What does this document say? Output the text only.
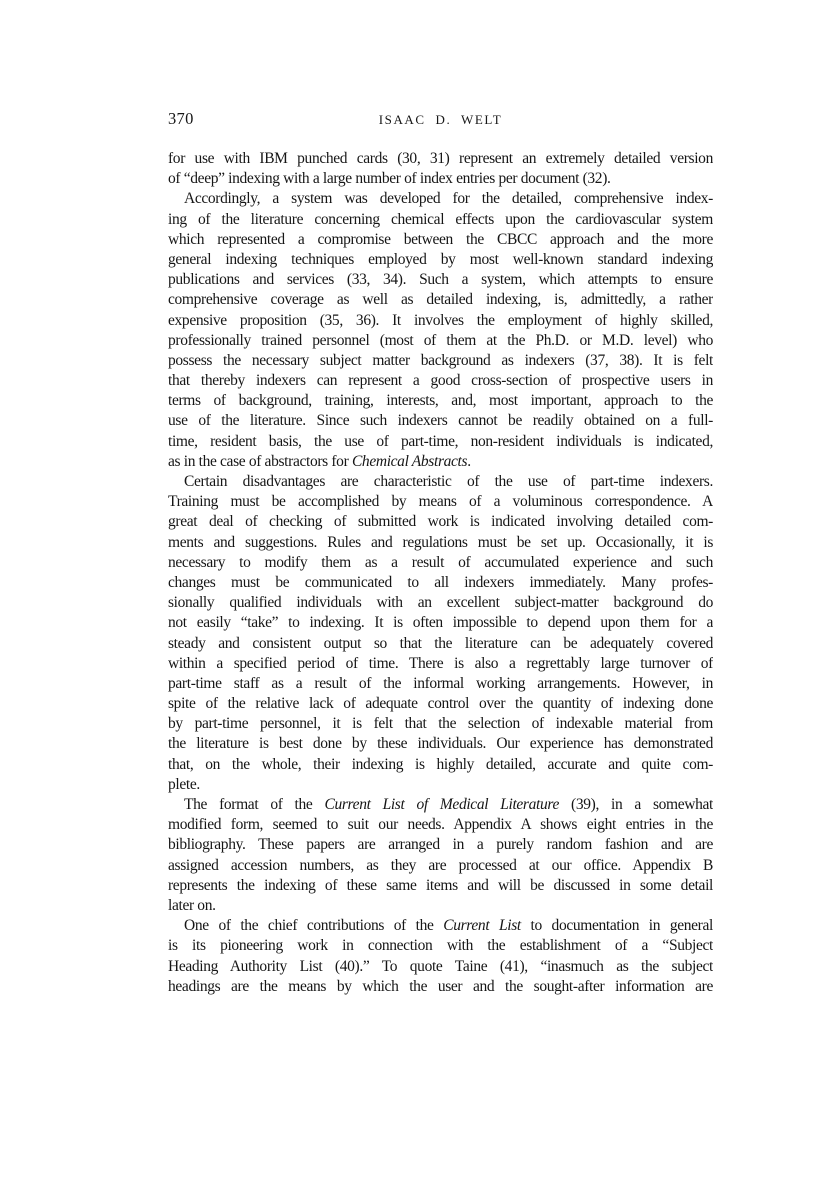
370	ISAAC D. WELT
for use with IBM punched cards (30, 31) represent an extremely detailed version
of “deep” indexing with a large number of index entries per document (32).
Accordingly, a system was developed for the detailed, comprehensive index-
ing of the literature concerning chemical effects upon the cardiovascular system
which represented a compromise between the CBCC approach and the more
general indexing techniques employed by most well-known standard indexing
publications and services (33, 34). Such a system, which attempts to ensure
comprehensive coverage as well as detailed indexing, is, admittedly, a rather
expensive proposition (35, 36). It involves the employment of highly skilled,
professionally trained personnel (most of them at the Ph.D. or M.D. level) who
possess the necessary subject matter background as indexers (37, 38). It is felt
that thereby indexers can represent a good cross-section of prospective users in
terms of background, training, interests, and, most important, approach to the
use of the literature. Since such indexers cannot be readily obtained on a full-
time, resident basis, the use of part-time, non-resident individuals is indicated,
as in the case of abstractors for Chemical Abstracts.
Certain disadvantages are characteristic of the use of part-time indexers.
Training must be accomplished by means of a voluminous correspondence. A
great deal of checking of submitted work is indicated involving detailed com-
ments and suggestions. Rules and regulations must be set up. Occasionally, it is
necessary to modify them as a result of accumulated experience and such
changes must be communicated to all indexers immediately. Many profes-
sionally qualified individuals with an excellent subject-matter background do
not easily “take” to indexing. It is often impossible to depend upon them for a
steady and consistent output so that the literature can be adequately covered
within a specified period of time. There is also a regrettably large turnover of
part-time staff as a result of the informal working arrangements. However, in
spite of the relative lack of adequate control over the quantity of indexing done
by part-time personnel, it is felt that the selection of indexable material from
the literature is best done by these individuals. Our experience has demonstrated
that, on the whole, their indexing is highly detailed, accurate and quite com-
plete.
The format of the Current List of Medical Literature (39), in a somewhat
modified form, seemed to suit our needs. Appendix A shows eight entries in the
bibliography. These papers are arranged in a purely random fashion and are
assigned accession numbers, as they are processed at our office. Appendix B
represents the indexing of these same items and will be discussed in some detail
later on.
One of the chief contributions of the Current List to documentation in general
is its pioneering work in connection with the establishment of a “Subject
Heading Authority List (40).” To quote Taine (41), “inasmuch as the subject
headings are the means by which the user and the sought-after information are
